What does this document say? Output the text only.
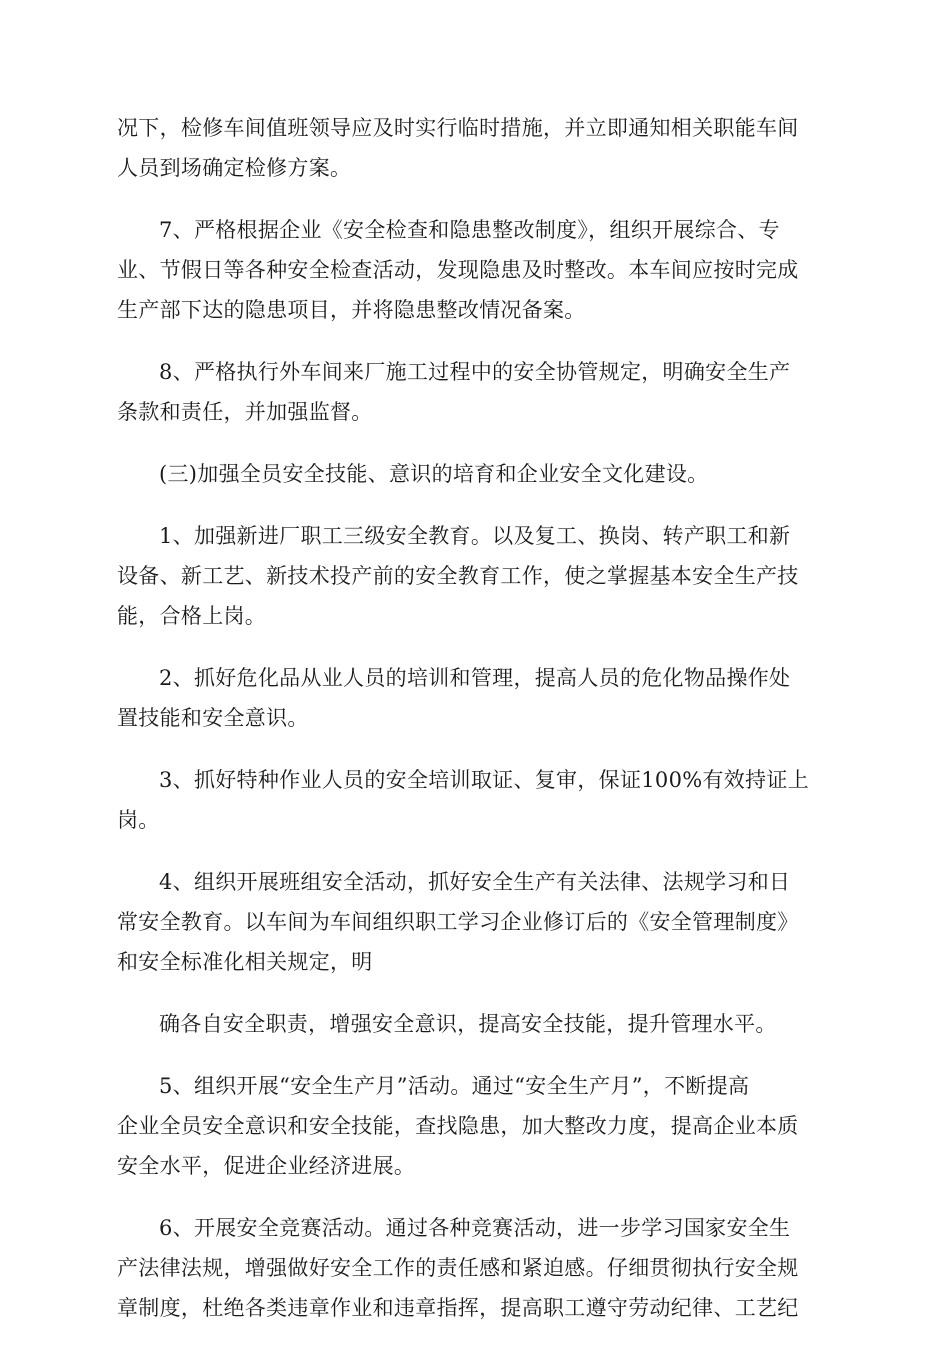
况下，检修车间值班领导应及时实行临时措施，并立即通知相关职能车间
人员到场确定检修方案。

7、严格根据企业《安全检查和隐患整改制度》，组织开展综合、专
业、节假日等各种安全检查活动，发现隐患及时整改。本车间应按时完成
生产部下达的隐患项目，并将隐患整改情况备案。

8、严格执行外车间来厂施工过程中的安全协管规定，明确安全生产
条款和责任，并加强监督。

(三)加强全员安全技能、意识的培育和企业安全文化建设。

1、加强新进厂职工三级安全教育。以及复工、换岗、转产职工和新
设备、新工艺、新技术投产前的安全教育工作，使之掌握基本安全生产技
能，合格上岗。

2、抓好危化品从业人员的培训和管理，提高人员的危化物品操作处
置技能和安全意识。

3、抓好特种作业人员的安全培训取证、复审，保证100%有效持证上
岗。

4、组织开展班组安全活动，抓好安全生产有关法律、法规学习和日
常安全教育。以车间为车间组织职工学习企业修订后的《安全管理制度》
和安全标准化相关规定，明

确各自安全职责，增强安全意识，提高安全技能，提升管理水平。

5、组织开展“安全生产月”活动。通过“安全生产月”，不断提高
企业全员安全意识和安全技能，查找隐患，加大整改力度，提高企业本质
安全水平，促进企业经济进展。

6、开展安全竞赛活动。通过各种竞赛活动，进一步学习国家安全生
产法律法规，增强做好安全工作的责任感和紧迫感。仔细贯彻执行安全规
章制度，杜绝各类违章作业和违章指挥，提高职工遵守劳动纪律、工艺纪
